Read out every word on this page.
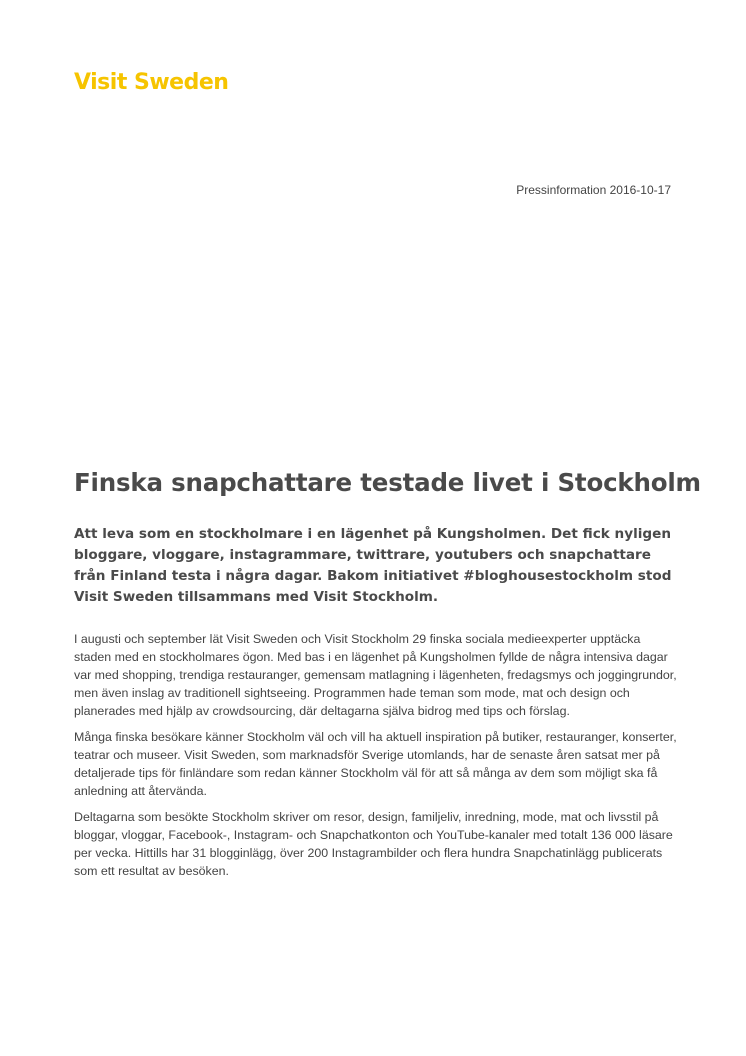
Visit Sweden

Pressinformation 2016-10-17

Finska snapchattare testade livet i Stockholm

Att leva som en stockholmare i en lägenhet på Kungsholmen. Det fick nyligen bloggare, vloggare, instagrammare, twittrare, youtubers och snapchattare från Finland testa i några dagar. Bakom initiativet #bloghousestockholm stod Visit Sweden tillsammans med Visit Stockholm.

I augusti och september lät Visit Sweden och Visit Stockholm 29 finska sociala medieexperter upptäcka staden med en stockholmares ögon. Med bas i en lägenhet på Kungsholmen fyllde de några intensiva dagar var med shopping, trendiga restauranger, gemensam matlagning i lägenheten, fredagsmys och joggingrundor, men även inslag av traditionell sightseeing. Programmen hade teman som mode, mat och design och planerades med hjälp av crowdsourcing, där deltagarna själva bidrog med tips och förslag.

Många finska besökare känner Stockholm väl och vill ha aktuell inspiration på butiker, restauranger, konserter, teatrar och museer. Visit Sweden, som marknadsför Sverige utomlands, har de senaste åren satsat mer på detaljerade tips för finländare som redan känner Stockholm väl för att så många av dem som möjligt ska få anledning att återvända.

Deltagarna som besökte Stockholm skriver om resor, design, familjeliv, inredning, mode, mat och livsstil på bloggar, vloggar, Facebook-, Instagram- och Snapchatkonton och YouTube-kanaler med totalt 136 000 läsare per vecka. Hittills har 31 blogginlägg, över 200 Instagrambilder och flera hundra Snapchatinlägg publicerats som ett resultat av besöken.
